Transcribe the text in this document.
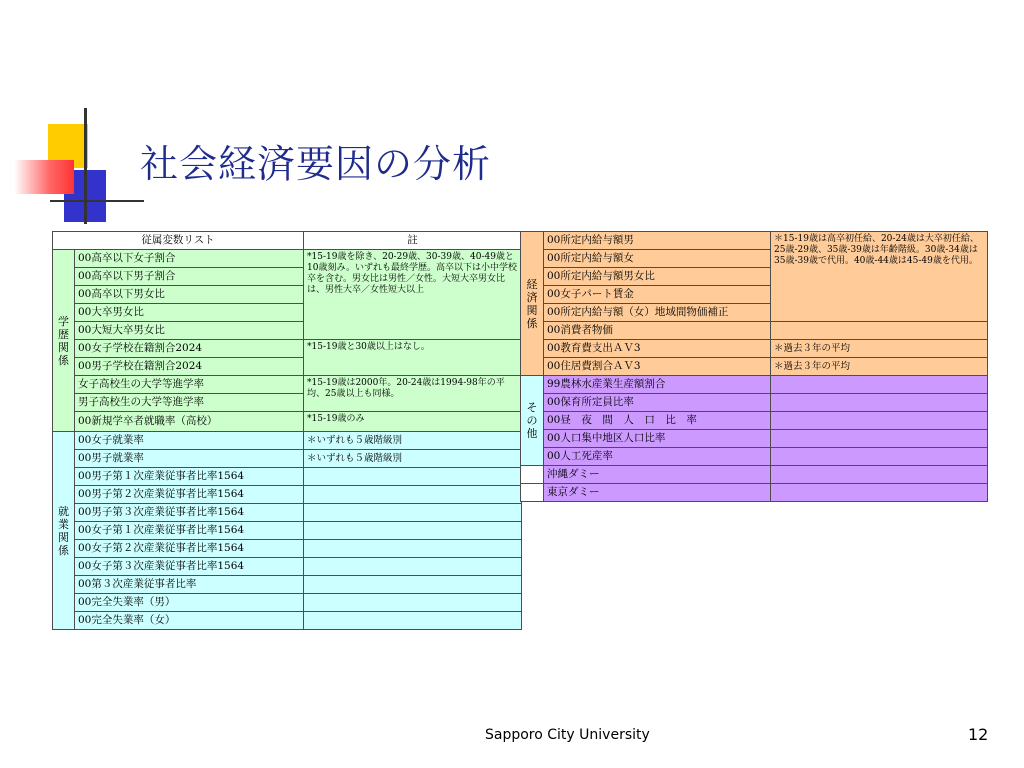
社会経済要因の分析
従属変数リスト		註
学歴関係	00高卒以下女子割合	*15-19歳を除き、20-29歳、30-39歳、40-49歳と10歳刻み。いずれも最終学歴。高卒以下は小中学校卒を含む。男女比は男性／女性。大短大卒男女比は、男性大卒／女性短大以上
	00高卒以下男子割合	
	00高卒以下男女比	
	00大卒男女比	
	00大短大卒男女比	
	00女子学校在籍割合2024	*15-19歳と30歳以上はなし。
	00男子学校在籍割合2024	
	女子高校生の大学等進学率	*15-19歳は2000年。20-24歳は1994-98年の平均、25歳以上も同様。
	男子高校生の大学等進学率	
	00新規学卒者就職率（高校）	*15-19歳のみ
就業関係	00女子就業率	＊いずれも５歳階級別
	00男子就業率	＊いずれも５歳階級別
	00男子第１次産業従事者比率1564	
	00男子第２次産業従事者比率1564	
	00男子第３次産業従事者比率1564	
	00女子第１次産業従事者比率1564	
	00女子第２次産業従事者比率1564	
	00女子第３次産業従事者比率1564	
	00第３次産業従事者比率	
	00完全失業率（男）	
	00完全失業率（女）	
経済関係	00所定内給与額男	＊15-19歳は高卒初任給、20-24歳は大卒初任給、25歳-29歳、35歳-39歳は年齢階級。30歳-34歳は35歳-39歳で代用。40歳-44歳は45-49歳を代用。
	00所定内給与額女	
	00所定内給与額男女比	
	00女子パート賃金	
	00所定内給与額（女）地域間物価補正	
	00消費者物価	
	00教育費支出ＡＶ3	＊過去３年の平均
	00住居費割合ＡＶ3	＊過去３年の平均
その他	99農林水産業生産額割合	
	00保育所定員比率	
	00昼　夜　間　人　口　比　率	
	00人口集中地区人口比率	
	00人工死産率	
	沖縄ダミー	
	東京ダミー	
Sapporo City University	12
